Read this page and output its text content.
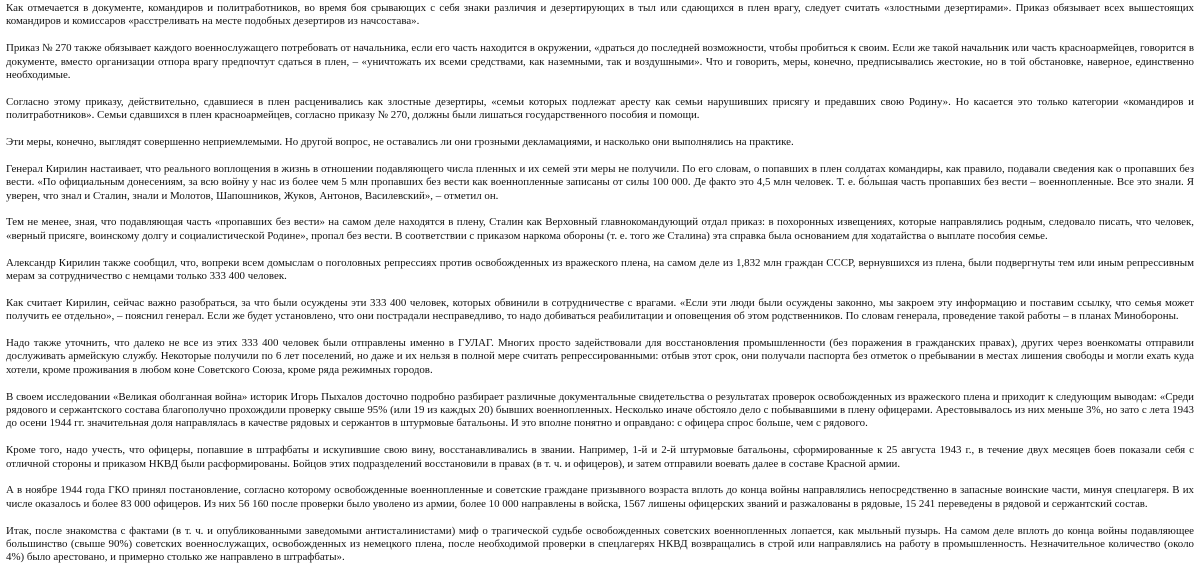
Как отмечается в документе, командиров и политработников, во время боя срывающих с себя знаки различия и дезертирующих в тыл или сдающихся в плен врагу, следует считать «злостными дезертирами». Приказ обязывает всех вышестоящих командиров и комиссаров «расстреливать на месте подобных дезертиров из начсостава».

Приказ № 270 также обязывает каждого военнослужащего потребовать от начальника, если его часть находится в окружении, «драться до последней возможности, чтобы пробиться к своим. Если же такой начальник или часть красноармейцев, говорится в документе, вместо организации отпора врагу предпочтут сдаться в плен, – «уничтожать их всеми средствами, как наземными, так и воздушными». Что и говорить, меры, конечно, предписывались жестокие, но в той обстановке, наверное, единственно необходимые.

Согласно этому приказу, действительно, сдавшиеся в плен расценивались как злостные дезертиры, «семьи которых подлежат аресту как семьи нарушивших присягу и предавших свою Родину». Но касается это только категории «командиров и политработников». Семьи сдавшихся в плен красноармейцев, согласно приказу № 270, должны были лишаться государственного пособия и помощи.

Эти меры, конечно, выглядят совершенно неприемлемыми. Но другой вопрос, не оставались ли они грозными декламациями, и насколько они выполнялись на практике.

Генерал Кирилин настаивает, что реального воплощения в жизнь в отношении подавляющего числа пленных и их семей эти меры не получили. По его словам, о попавших в плен солдатах командиры, как правило, подавали сведения как о пропавших без вести. «По официальным донесениям, за всю войну у нас из более чем 5 млн пропавших без вести как военнопленные записаны от силы 100 000. Де факто это 4,5 млн человек. Т. е. бо́льшая часть пропавших без вести – военнопленные. Все это знали. Я уверен, что знал и Сталин, знали и Молотов, Шапошников, Жуков, Антонов, Василевский», – отметил он.

Тем не менее, зная, что подавляющая часть «пропавших без вести» на самом деле находятся в плену, Сталин как Верховный главнокомандующий отдал приказ: в похоронных извещениях, которые направлялись родным, следовало писать, что человек, «верный присяге, воинскому долгу и социалистической Родине», пропал без вести. В соответствии с приказом наркома обороны (т. е. того же Сталина) эта справка была основанием для ходатайства о выплате пособия семье.

Александр Кирилин также сообщил, что, вопреки всем домыслам о поголовных репрессиях против освобожденных из вражеского плена, на самом деле из 1,832 млн граждан СССР, вернувшихся из плена, были подвергнуты тем или иным репрессивным мерам за сотрудничество с немцами только 333 400 человек.

Как считает Кирилин, сейчас важно разобраться, за что были осуждены эти 333 400 человек, которых обвинили в сотрудничестве с врагами. «Если эти люди были осуждены законно, мы закроем эту информацию и поставим ссылку, что семья может получить ее отдельно», – пояснил генерал. Если же будет установлено, что они пострадали несправедливо, то надо добиваться реабилитации и оповещения об этом родственников. По словам генерала, проведение такой работы – в планах Минобороны.

Надо также уточнить, что далеко не все из этих 333 400 человек были отправлены именно в ГУЛАГ. Многих просто задействовали для восстановления промышленности (без поражения в гражданских правах), других через военкоматы отправили дослуживать армейскую службу. Некоторые получили по 6 лет поселений, но даже и их нельзя в полной мере считать репрессированными: отбыв этот срок, они получали паспорта без отметок о пребывании в местах лишения свободы и могли ехать куда хотели, кроме проживания в любом коне Советского Союза, кроме ряда режимных городов.

В своем исследовании «Великая оболганная война» историк Игорь Пыхалов досточно подробно разбирает различные документальные свидетельства о результатах проверок освобожденных из вражеского плена и приходит к следующим выводам: «Среди рядового и сержантского состава благополучно прохождили проверку свыше 95% (или 19 из каждых 20) бывших военнопленных. Несколько иначе обстояло дело с побывавшими в плену офицерами. Арестовывалось из них меньше 3%, но зато с лета 1943 до осени 1944 гг. значительная доля направлялась в качестве рядовых и сержантов в штурмовые батальоны. И это вполне понятно и оправдано: с офицера спрос больше, чем с рядового.

Кроме того, надо учесть, что офицеры, попавшие в штрафбаты и искупившие свою вину, восстанавливались в звании. Например, 1-й и 2-й штурмовые батальоны, сформированные к 25 августа 1943 г., в течение двух месяцев боев показали себя с отличной стороны и приказом НКВД были расформированы. Бойцов этих подразделений восстановили в правах (в т. ч. и офицеров), и затем отправили воевать далее в составе Красной армии.

А в ноябре 1944 года ГКО принял постановление, согласно которому освобожденные военнопленные и советские граждане призывного возраста вплоть до конца войны направлялись непосредственно в запасные воинские части, минуя спецлагеря. В их числе оказалось и более 83 000 офицеров. Из них 56 160 после проверки было уволено из армии, более 10 000 направлены в войска, 1567 лишены офицерских званий и разжалованы в рядовые, 15 241 переведены в рядовой и сержантский состав.

Итак, после знакомства с фактами (в т. ч. и опубликованными заведомыми антисталинистами) миф о трагической судьбе освобожденных советских военнопленных лопается, как мыльный пузырь. На самом деле вплоть до конца войны подавляющее большинство (свыше 90%) советских военнослужащих, освобожденных из немецкого плена, после необходимой проверки в спецлагерях НКВД возвращались в строй или направлялись на работу в промышленность. Незначительное количество (около 4%) было арестовано, и примерно столько же направлено в штрафбаты».
